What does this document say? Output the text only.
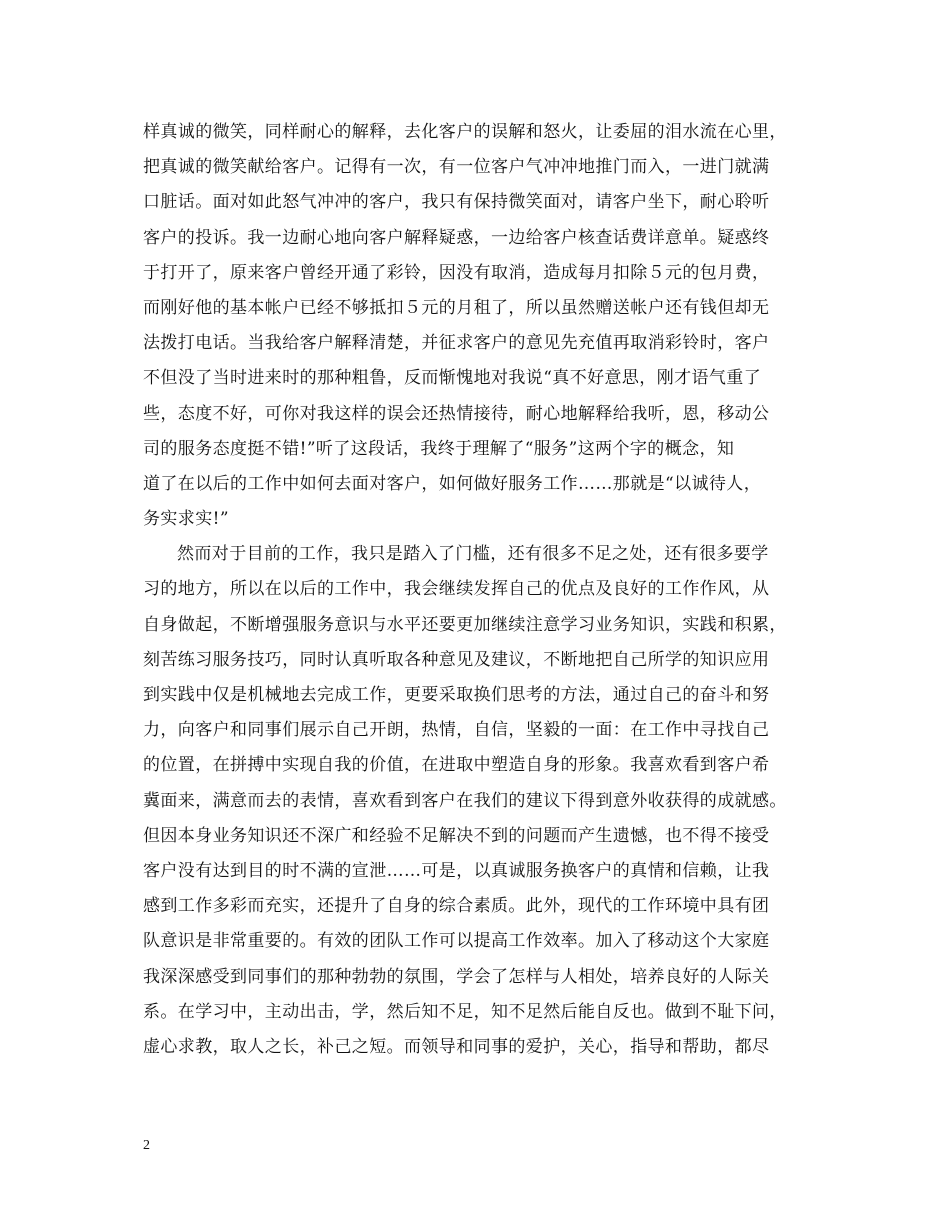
样真诚的微笑，同样耐心的解释，去化客户的误解和怒火，让委屈的泪水流在心里，
把真诚的微笑献给客户。记得有一次，有一位客户气冲冲地推门而入，一进门就满
口脏话。面对如此怒气冲冲的客户，我只有保持微笑面对，请客户坐下，耐心聆听
客户的投诉。我一边耐心地向客户解释疑惑，一边给客户核查话费详意单。疑惑终
于打开了，原来客户曾经开通了彩铃，因没有取消，造成每月扣除５元的包月费，
而刚好他的基本帐户已经不够抵扣５元的月租了，所以虽然赠送帐户还有钱但却无
法拨打电话。当我给客户解释清楚，并征求客户的意见先充值再取消彩铃时，客户
不但没了当时进来时的那种粗鲁，反而惭愧地对我说“真不好意思，刚才语气重了
些，态度不好，可你对我这样的误会还热情接待，耐心地解释给我听，恩，移动公
司的服务态度挺不错!”听了这段话，我终于理解了“服务”这两个字的概念，知
道了在以后的工作中如何去面对客户，如何做好服务工作……那就是“以诚待人，
务实求实!”
然而对于目前的工作，我只是踏入了门槛，还有很多不足之处，还有很多要学
习的地方，所以在以后的工作中，我会继续发挥自己的优点及良好的工作作风，从
自身做起，不断增强服务意识与水平还要更加继续注意学习业务知识，实践和积累，
刻苦练习服务技巧，同时认真听取各种意见及建议，不断地把自己所学的知识应用
到实践中仅是机械地去完成工作，更要采取换们思考的方法，通过自己的奋斗和努
力，向客户和同事们展示自己开朗，热情，自信，坚毅的一面：在工作中寻找自己
的位置，在拼搏中实现自我的价值，在进取中塑造自身的形象。我喜欢看到客户希
冀面来，满意而去的表情，喜欢看到客户在我们的建议下得到意外收获得的成就感。
但因本身业务知识还不深广和经验不足解决不到的问题而产生遗憾，也不得不接受
客户没有达到目的时不满的宣泄……可是，以真诚服务换客户的真情和信赖，让我
感到工作多彩而充实，还提升了自身的综合素质。此外，现代的工作环境中具有团
队意识是非常重要的。有效的团队工作可以提高工作效率。加入了移动这个大家庭
我深深感受到同事们的那种勃勃的氛围，学会了怎样与人相处，培养良好的人际关
系。在学习中，主动出击，学，然后知不足，知不足然后能自反也。做到不耻下问，
虚心求教，取人之长，补己之短。而领导和同事的爱护，关心，指导和帮助，都尽
2
